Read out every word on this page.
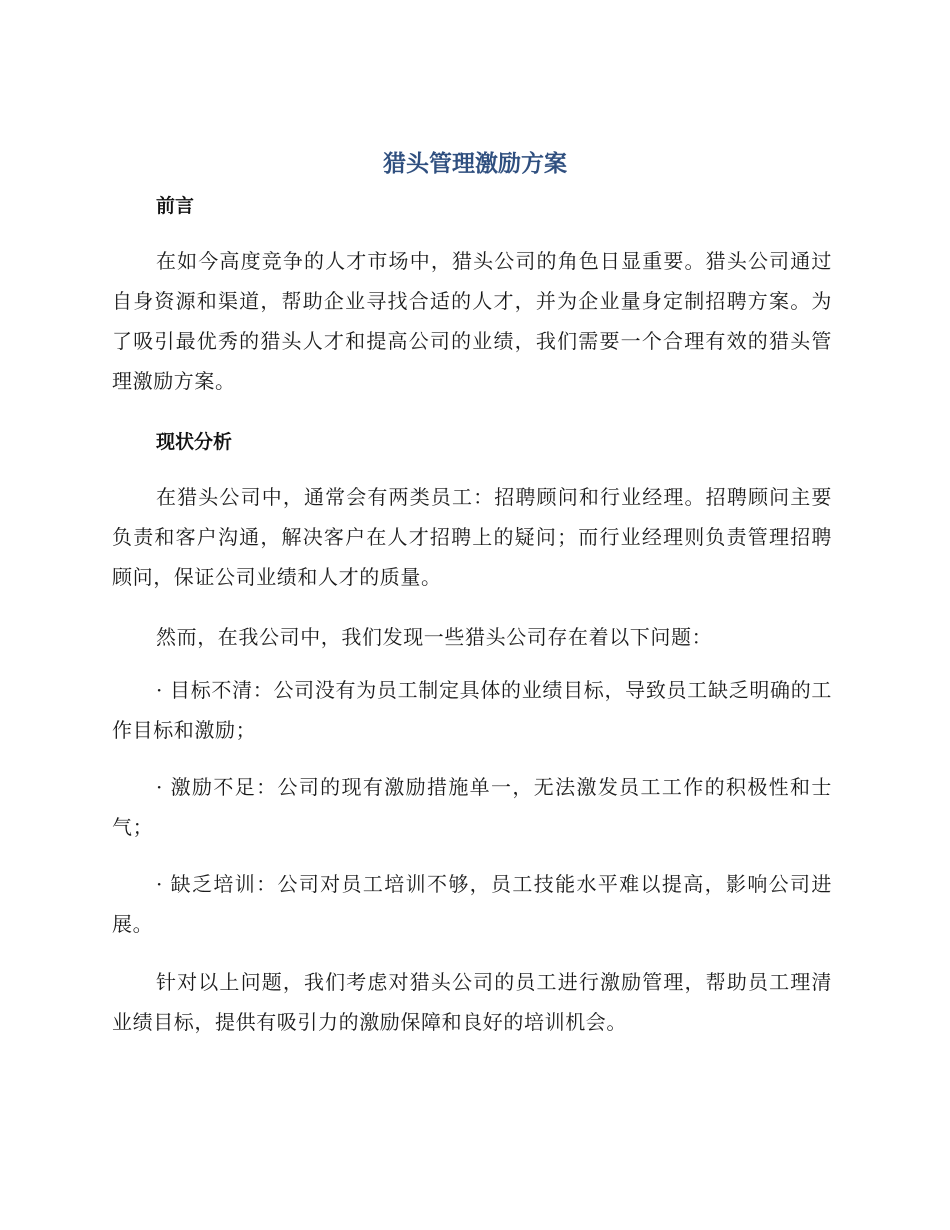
猎头管理激励方案
前言

在如今高度竞争的人才市场中，猎头公司的角色日显重要。猎头公司通过自身资源和渠道，帮助企业寻找合适的人才，并为企业量身定制招聘方案。为了吸引最优秀的猎头人才和提高公司的业绩，我们需要一个合理有效的猎头管理激励方案。

现状分析

在猎头公司中，通常会有两类员工：招聘顾问和行业经理。招聘顾问主要负责和客户沟通，解决客户在人才招聘上的疑问；而行业经理则负责管理招聘顾问，保证公司业绩和人才的质量。

然而，在我公司中，我们发现一些猎头公司存在着以下问题：

· 目标不清：公司没有为员工制定具体的业绩目标，导致员工缺乏明确的工作目标和激励；

· 激励不足：公司的现有激励措施单一，无法激发员工工作的积极性和士气；

· 缺乏培训：公司对员工培训不够，员工技能水平难以提高，影响公司进展。

针对以上问题，我们考虑对猎头公司的员工进行激励管理，帮助员工理清业绩目标，提供有吸引力的激励保障和良好的培训机会。
